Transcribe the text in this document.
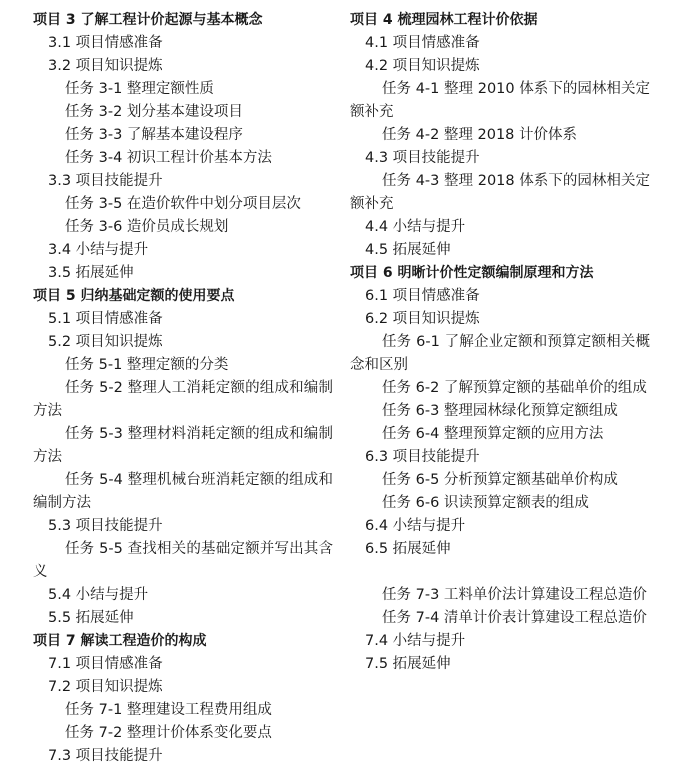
项目 3 了解工程计价起源与基本概念
3.1 项目情感准备
3.2 项目知识提炼
任务 3-1 整理定额性质
任务 3-2 划分基本建设项目
任务 3-3 了解基本建设程序
任务 3-4 初识工程计价基本方法
3.3 项目技能提升
任务 3-5 在造价软件中划分项目层次
任务 3-6 造价员成长规划
3.4 小结与提升
3.5 拓展延伸
项目 5 归纳基础定额的使用要点
5.1 项目情感准备
5.2 项目知识提炼
任务 5-1 整理定额的分类
任务 5-2 整理人工消耗定额的组成和编制方法
任务 5-3 整理材料消耗定额的组成和编制方法
任务 5-4 整理机械台班消耗定额的组成和编制方法
5.3 项目技能提升
任务 5-5 查找相关的基础定额并写出其含义
5.4 小结与提升
5.5 拓展延伸
项目 7 解读工程造价的构成
7.1 项目情感准备
7.2 项目知识提炼
任务 7-1 整理建设工程费用组成
任务 7-2 整理计价体系变化要点
7.3 项目技能提升
项目 4 梳理园林工程计价依据
4.1 项目情感准备
4.2 项目知识提炼
任务 4-1 整理 2010 体系下的园林相关定额补充
任务 4-2 整理 2018 计价体系
4.3 项目技能提升
任务 4-3 整理 2018 体系下的园林相关定额补充
4.4 小结与提升
4.5 拓展延伸
项目 6 明晰计价性定额编制原理和方法
6.1 项目情感准备
6.2 项目知识提炼
任务 6-1 了解企业定额和预算定额相关概念和区别
任务 6-2 了解预算定额的基础单价的组成
任务 6-3 整理园林绿化预算定额组成
任务 6-4 整理预算定额的应用方法
6.3 项目技能提升
任务 6-5 分析预算定额基础单价构成
任务 6-6 识读预算定额表的组成
6.4 小结与提升
6.5 拓展延伸
任务 7-3 工料单价法计算建设工程总造价
任务 7-4 清单计价表计算建设工程总造价
7.4 小结与提升
7.5 拓展延伸
